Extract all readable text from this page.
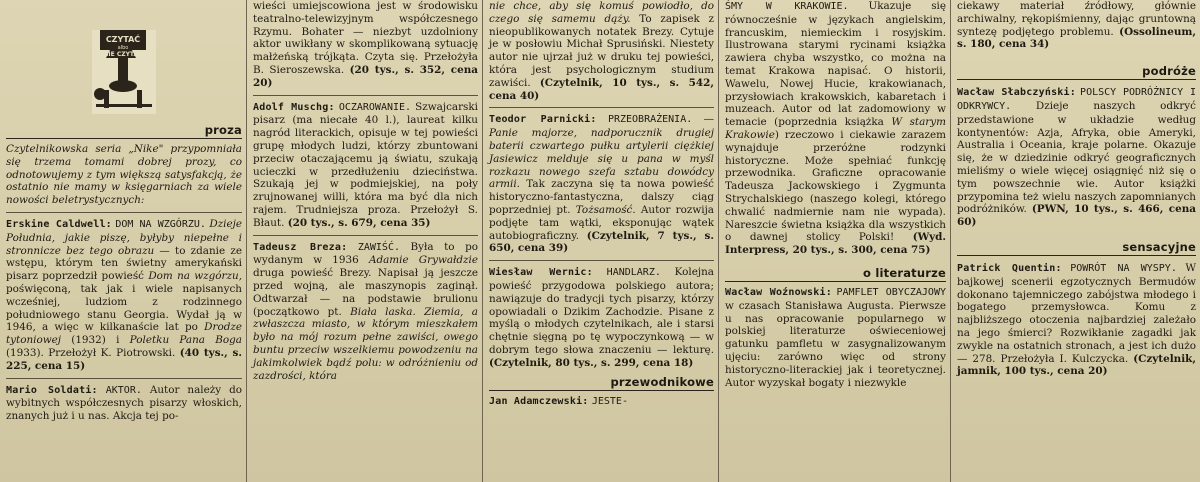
CZYTAĆ
albo
NIE CZYTAĆ
proza

Czytelnikowska seria „Nike" przypomniała się trzema tomami dobrej prozy, co odnotowujemy z tym większą satysfakcją, że ostatnio nie mamy w księgarniach za wiele nowości beletrystycznych:

Erskine Caldwell: DOM NA WZGÓRZU. Dzieje Południa, jakie piszę, byłyby niepełne i stronnicze bez tego obrazu — to zdanie ze wstępu, którym ten świetny amerykański pisarz poprzedził powieść Dom na wzgórzu, poświęconą, tak jak i wiele napisanych wcześniej, ludziom z rodzinnego południowego stanu Georgia. Wydał ją w 1946, a więc w kilkanaście lat po Drodze tytoniowej (1932) i Poletku Pana Boga (1933). Przełożył K. Piotrowski. (40 tys., s. 225, cena 15)

Mario Soldati: AKTOR. Autor należy do wybitnych współczesnych pisarzy włoskich, znanych już i u nas. Akcja tej po-

wieści umiejscowiona jest w środowisku teatralno-telewizyjnym współczesnego Rzymu. Bohater — niezbyt uzdolniony aktor uwikłany w skomplikowaną sytuację małżeńską trójkąta. Czyta się. Przełożyła B. Sieroszewska. (20 tys., s. 352, cena 20)

Adolf Muschg: OCZAROWANIE. Szwajcarski pisarz (ma niecałe 40 l.), laureat kilku nagród literackich, opisuje w tej powieści grupę młodych ludzi, którzy zbuntowani przeciw otaczającemu ją światu, szukają ucieczki w przedłużeniu dzieciństwa. Szukają jej w podmiejskiej, na poły zrujnowanej willi, która ma być dla nich rajem. Trudniejsza proza. Przełożył S. Błaut. (20 tys., s. 679, cena 35)

Tadeusz Breza: ZAWIŚĆ. Była to po wydanym w 1936 Adamie Grywałdzie druga powieść Brezy. Napisał ją jeszcze przed wojną, ale maszynopis zaginął. Odtwarzał — na podstawie brulionu (początkowo pt. Biała laska. Ziemia, a zwłaszcza miasto, w którym mieszkałem było na mój rozum pełne zawiści, owego buntu przeciw wszelkiemu powodzeniu na jakimkolwiek bądź polu: w odróżnieniu od zazdrości, która

nie chce, aby się komuś powiodło, do czego się samemu dąży. To zapisek z nieopublikowanych notatek Brezy. Cytuje je w posłowiu Michał Sprusiński. Niestety autor nie ujrzał już w druku tej powieści, która jest psychologicznym studium zawiści. (Czytelnik, 10 tys., s. 542, cena 40)

Teodor Parnicki: PRZEOBRAŻENIA. — Panie majorze, nadporucznik drugiej baterii czwartego pułku artylerii ciężkiej Jasiewicz melduje się u pana w myśl rozkazu nowego szefa sztabu dowódcy armii. Tak zaczyna się ta nowa powieść historyczno-fantastyczna, dalszy ciąg poprzedniej pt. Tożsamość. Autor rozwija podjęte tam wątki, eksponując wątek autobiograficzny. (Czytelnik, 7 tys., s. 650, cena 39)

Wiesław Wernic: HANDLARZ. Kolejna powieść przygodowa polskiego autora; nawiązuje do tradycji tych pisarzy, którzy opowiadali o Dzikim Zachodzie. Pisane z myślą o młodych czytelnikach, ale i starsi chętnie sięgną po tę wypoczynkową — w dobrym tego słowa znaczeniu — lekturę. (Czytelnik, 80 tys., s. 299, cena 18)

przewodnikowe

Jan Adamczewski: JESTE-

ŚMY W KRAKOWIE. Ukazuje się równocześnie w językach angielskim, francuskim, niemieckim i rosyjskim. Ilustrowana starymi rycinami książka zawiera chyba wszystko, co można na temat Krakowa napisać. O historii, Wawelu, Nowej Hucie, krakowianach, przysłowiach krakowskich, kabaretach i muzeach. Autor od lat zadomowiony w temacie (poprzednia książka W starym Krakowie) rzeczowo i ciekawie zarazem wynajduje przeróżne rodzynki historyczne. Może spełniać funkcję przewodnika. Graficzne opracowanie Tadeusza Jackowskiego i Zygmunta Strychalskiego (naszego kolegi, którego chwalić nadmiernie nam nie wypada). Nareszcie świetna książka dla wszystkich o dawnej stolicy Polski! (Wyd. Interpress, 20 tys., s. 300, cena 75)

o literaturze

Wacław Woźnowski: PAMFLET OBYCZAJOWY w czasach Stanisława Augusta. Pierwsze u nas opracowanie popularnego w polskiej literaturze oświeceniowej gatunku pamfletu w zasygnalizowanym ujęciu: zarówno więc od strony historyczno-literackiej jak i teoretycznej. Autor wyzyskał bogaty i niezwykle

ciekawy materiał źródłowy, głównie archiwalny, rękopiśmienny, dając gruntowną syntezę podjętego problemu. (Ossolineum, s. 180, cena 34)

podróże

Wacław Słabczyński: POLSCY PODRÓŻNICY I ODKRYWCY. Dzieje naszych odkryć przedstawione w układzie według kontynentów: Azja, Afryka, obie Ameryki, Australia i Oceania, kraje polarne. Okazuje się, że w dziedzinie odkryć geograficznych mieliśmy o wiele więcej osiągnięć niż się o tym powszechnie wie. Autor książki przypomina też wielu naszych zapomnianych podróżników. (PWN, 10 tys., s. 466, cena 60)

sensacyjne

Patrick Quentin: POWRÓT NA WYSPY. W bajkowej scenerii egzotycznych Bermudów dokonano tajemniczego zabójstwa młodego i bogatego przemysłowca. Komu z najbliższego otoczenia najbardziej zależało na jego śmierci? Rozwikłanie zagadki jak zwykle na ostatnich stronach, a jest ich dużo — 278. Przełożyła I. Kulczycka. (Czytelnik, jamnik, 100 tys., cena 20)
